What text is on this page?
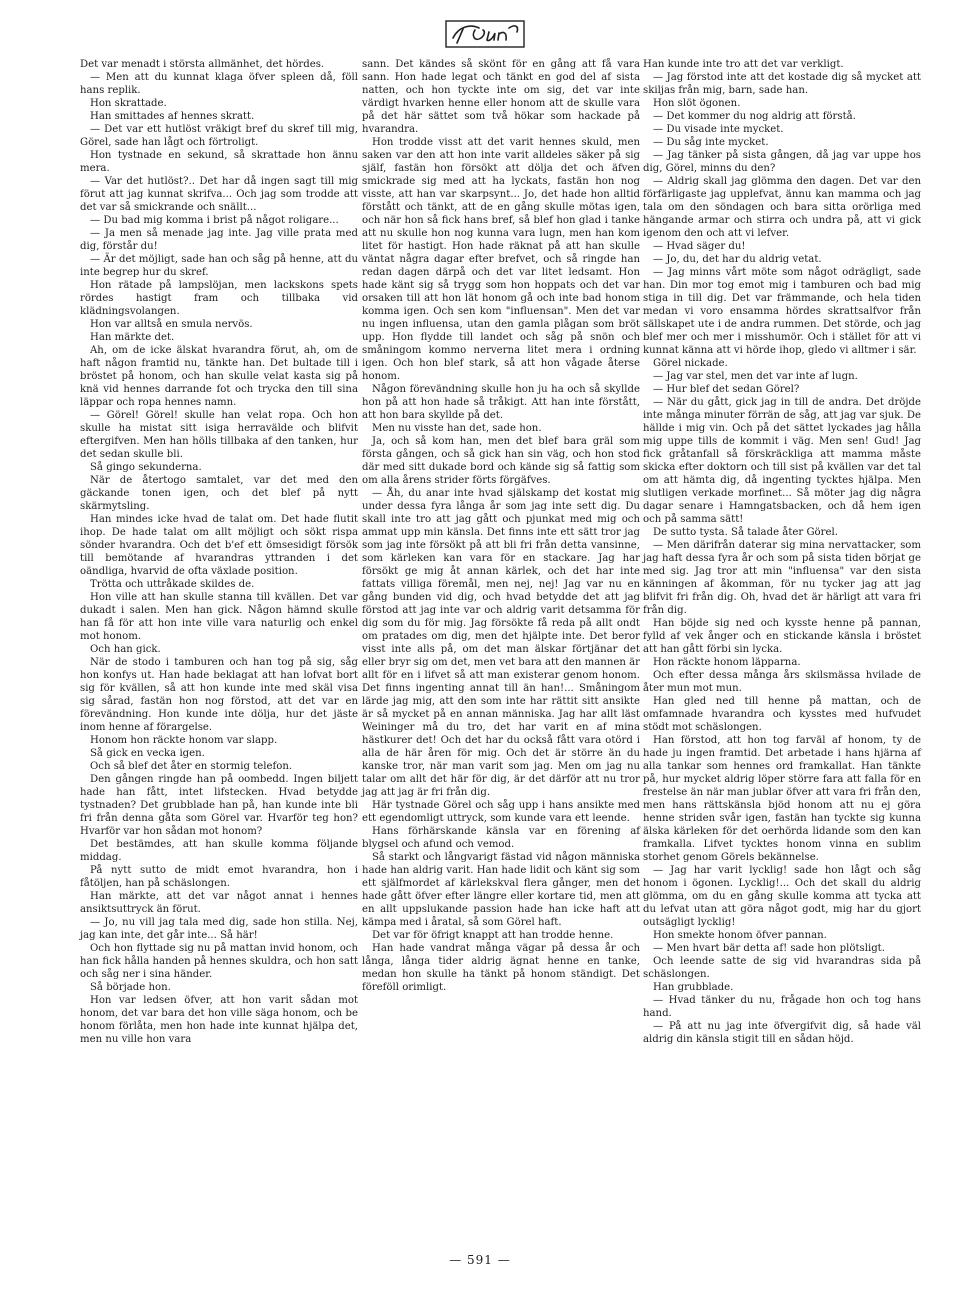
Det var menadt i största allmänhet, det hördes.

— Men att du kunnat klaga öfver spleen då, föll hans replik.

Hon skrattade.

Han smittades af hennes skratt.

— Det var ett hutlöst vräkigt bref du skref till mig, Görel, sade han lågt och förtroligt.

Hon tystnade en sekund, så skrattade hon ännu mera.

— Var det hutlöst?.. Det har då ingen sagt till mig förut att jag kunnat skrifva... Och jag som trodde att det var så smickrande och snällt...

— Du bad mig komma i brist på något roligare...

— Ja men så menade jag inte. Jag ville prata med dig, förstår du!

— Är det möjligt, sade han och såg på henne, att du inte begrep hur du skref.

Hon rätade på lampslöjan, men lackskons spets rördes hastigt fram och tillbaka vid klädningsvolangen.

Hon var alltså en smula nervös.

Han märkte det.

Ah, om de icke älskat hvarandra förut, ah, om de haft någon framtid nu, tänkte han. Det bultade till i bröstet på honom, och han skulle velat kasta sig på knä vid hennes darrande fot och trycka den till sina läppar och ropa hennes namn.

— Görel! Görel! skulle han velat ropa. Och hon skulle ha mistat sitt isiga herravälde och blifvit eftergifven. Men han hölls tillbaka af den tanken, hur det sedan skulle bli.

Så gingo sekunderna.

När de återtogo samtalet, var det med den gäckande tonen igen, och det blef på nytt skärmytsling.

Han mindes icke hvad de talat om. Det hade flutit ihop. De hade talat om allt möjligt och sökt rispa sönder hvarandra. Och det b'ef ett ömsesidigt försök till bemötande af hvarandras yttranden i det oändliga, hvarvid de ofta växlade position.

Trötta och uttråkade skildes de.

Hon ville att han skulle stanna till kvällen. Det var dukadt i salen. Men han gick. Någon hämnd skulle han få för att hon inte ville vara naturlig och enkel mot honom.

Och han gick.

När de stodo i tamburen och han tog på sig, såg hon konfys ut. Han hade beklagat att han lofvat bort sig för kvällen, så att hon kunde inte med skäl visa sig sårad, fastän hon nog förstod, att det var en förevändning. Hon kunde inte dölja, hur det jäste inom henne af förargelse.

Honom hon räckte honom var slapp.

Så gick en vecka igen.

Och så blef det åter en stormig telefon.

Den gången ringde han på oombedd. Ingen biljett hade han fått, intet lifstecken. Hvad betydde tystnaden? Det grubblade han på, han kunde inte bli fri från denna gåta som Görel var. Hvarför teg hon? Hvarför var hon sådan mot honom?

Det bestämdes, att han skulle komma följande middag.

På nytt sutto de midt emot hvarandra, hon i fåtöljen, han på schäslongen.

Han märkte, att det var något annat i hennes ansiktsuttryck än förut.

— Jo, nu vill jag tala med dig, sade hon stilla. Nej, jag kan inte, det går inte... Så här!

Och hon flyttade sig nu på mattan invid honom, och han fick hålla handen på hennes skuldra, och hon satt och såg ner i sina händer.

Så började hon.

Hon var ledsen öfver, att hon varit sådan mot honom, det var bara det hon ville säga honom, och be honom förlåta, men hon hade inte kunnat hjälpa det, men nu ville hon vara

sann. Det kändes så skönt för en gång att få vara sann. Hon hade legat och tänkt en god del af sista natten, och hon tyckte inte om sig, det var inte värdigt hvarken henne eller honom att de skulle vara på det här sättet som två hökar som hackade på hvarandra.

Hon trodde visst att det varit hennes skuld, men saken var den att hon inte varit alldeles säker på sig själf, fastän hon försökt att dölja det och äfven smickrade sig med att ha lyckats, fastän hon nog visste, att han var skarpsynt... Jo, det hade hon alltid förstått och tänkt, att de en gång skulle mötas igen, och när hon så fick hans bref, så blef hon glad i tanke att nu skulle hon nog kunna vara lugn, men han kom litet för hastigt. Hon hade räknat på att han skulle väntat några dagar efter brefvet, och så ringde han redan dagen därpå och det var litet ledsamt. Hon hade känt sig så trygg som hon hoppats och det var orsaken till att hon lät honom gå och inte bad honom komma igen. Och sen kom "influensan". Men det var nu ingen influensa, utan den gamla plågan som bröt upp. Hon flydde till landet och såg på snön och småningom kommo nerverna litet mera i ordning igen. Och hon blef stark, så att hon vågade återsе honom.

Någon förevändning skulle hon ju ha och så skyllde hon på att hon hade så tråkigt. Att han inte förstått, att hon bara skyllde på det.

Men nu visste han det, sade hon.

Ja, och så kom han, men det blef bara gräl som första gången, och så gick han sin väg, och hon stod där med sitt dukade bord och kände sig så fattig som om alla årens strider förts förgäfves.

— Åh, du anar inte hvad själskamp det kostat mig under dessa fyra långa år som jag inte sett dig. Du skall inte tro att jag gått och pjunkat med mig och ammat upp min känsla. Det finns inte ett sätt tror jag som jag inte försökt på att bli fri från detta vansinne, som kärleken kan vara för en stackare. Jag har försökt ge mig åt annan kärlek, och det har inte fattats villiga föremål, men nej, nej! Jag var nu en gång bunden vid dig, och hvad betydde det att jag förstod att jag inte var och aldrig varit detsamma för dig som du för mig. Jag försökte få reda på allt ondt om pratades om dig, men det hjälpte inte. Det beror visst inte alls på, om det man älskar förtjänar det eller bryr sig om det, men vet bara att den mannen är allt för en i lifvet så att man existerar genom honom. Det finns ingenting annat till än han!... Småningom lärde jag mig, att den som inte har rättit sitt ansikte är så mycket på en annan människa. Jag har allt läst Weininger må du tro, det har varit en af mina hästkurer det! Och det har du också fått vara otörd i alla de här åren för mig. Och det är större än du kanske tror, när man varit som jag. Men om jag nu talar om allt det här för dig, är det därför att nu tror jag att jag är fri från dig.

Här tystnade Görel och såg upp i hans ansikte med ett egendomligt uttryck, som kunde vara ett leende.

Hans förhärskande känsla var en förening af blygsel och afund och vemod.

Så starkt och långvarigt fästad vid någon människa hade han aldrig varit. Han hade lidit och känt sig som ett själfmordet af kärlekskval flera gånger, men det hade gått öfver efter längre eller kortare tid, men att en allt uppslukande passion hade han icke haft att kämpa med i åratal, så som Görel haft.

Det var för öfrigt knappt att han trodde henne.

Han hade vandrat många vägar på dessa år och långa, långa tider aldrig ägnat henne en tanke, medan hon skulle ha tänkt på honom ständigt. Det föreföll orimligt.

Han kunde inte tro att det var verkligt.

— Jag förstod inte att det kostade dig så mycket att skiljas från mig, barn, sade han.

Hon slöt ögonen.

— Det kommer du nog aldrig att förstå.

— Du visade inte mycket.

— Du såg inte mycket.

— Jag tänker på sista gången, då jag var uppe hos dig, Görel, minns du den?

— Aldrig skall jag glömma den dagen. Det var den förfärligaste jag upplefvat, ännu kan mamma och jag tala om den söndagen och bara sitta orörliga med hängande armar och stirra och undra på, att vi gick igenom den och att vi lefver.

— Hvad säger du!

— Jo, du, det har du aldrig vetat.

— Jag minns vårt möte som något odrägligt, sade han. Din mor tog emot mig i tamburen och bad mig stiga in till dig. Det var främmande, och hela tiden medan vi voro ensamma hördes skrattsalfvor från sällskapet ute i de andra rummen. Det störde, och jag blef mer och mer i misshumör. Och i stället för att vi kunnat känna att vi hörde ihop, gledo vi alltmer i sär.

Görel nickade.

— Jag var stel, men det var inte af lugn.

— Hur blef det sedan Görel?

— När du gått, gick jag in till de andra. Det dröjde inte många minuter förrän de såg, att jag var sjuk. De hällde i mig vin. Och på det sättet lyckades jag hålla mig uppe tills de kommit i väg. Men sen! Gud! Jag fick gråtanfall så förskräckliga att mamma måste skicka efter doktorn och till sist på kvällen var det tal om att hämta dig, då ingenting tycktes hjälpa. Men slutligen verkade morfinet... Så möter jag dig några dagar senare i Hamngatsbacken, och då hem igen och på samma sätt!

De sutto tysta. Så talade åter Görel.

— Men därifrån daterar sig mina nervattacker, som jag haft dessa fyra år och som på sista tiden börjat ge med sig. Jag tror att min "influensa" var den sista känningen af åkomman, för nu tycker jag att jag blifvit fri från dig. Oh, hvad det är härligt att vara fri från dig.

Han böjde sig ned och kysste henne på pannan, fylld af vek ånger och en stickande känsla i bröstet att han gått förbi sin lycka.

Hon räckte honom läpparna.

Och efter dessa många års skilsmässa hvilade de åter mun mot mun.

Han gled ned till henne på mattan, och de omfamnade hvarandra och kysstes med hufvudet stödt mot schäslongen.

Han förstod, att hon tog farväl af honom, ty de hade ju ingen framtid. Det arbetade i hans hjärna af alla tankar som hennes ord framkallat. Han tänkte på, hur mycket aldrig löper större fara att falla för en frestelse än när man jublar öfver att vara fri från den, men hans rättskänsla bjöd honom att nu ej göra henne striden svår igen, fastän han tyckte sig kunna älska kärleken för det oerhörda lidande som den kan framkalla. Lifvet tycktes honom vinna en sublim storhet genom Görels bekännelse.

— Jag har varit lycklig! sade hon lågt och såg honom i ögonen. Lycklig!... Och det skall du aldrig glömma, om du en gång skulle komma att tycka att du lefvat utan att göra något godt, mig har du gjort outsägligt lycklig!

Hon smekte honom öfver pannan.

— Men hvart bär detta af! sade hon plötsligt.

Och leende satte de sig vid hvarandras sida på schäslongen.

Han grubblade.

— Hvad tänker du nu, frågade hon och tog hans hand.

— På att nu jag inte öfvergifvit dig, så hade väl aldrig din känsla stigit till en sådan höjd.

— 591 —
